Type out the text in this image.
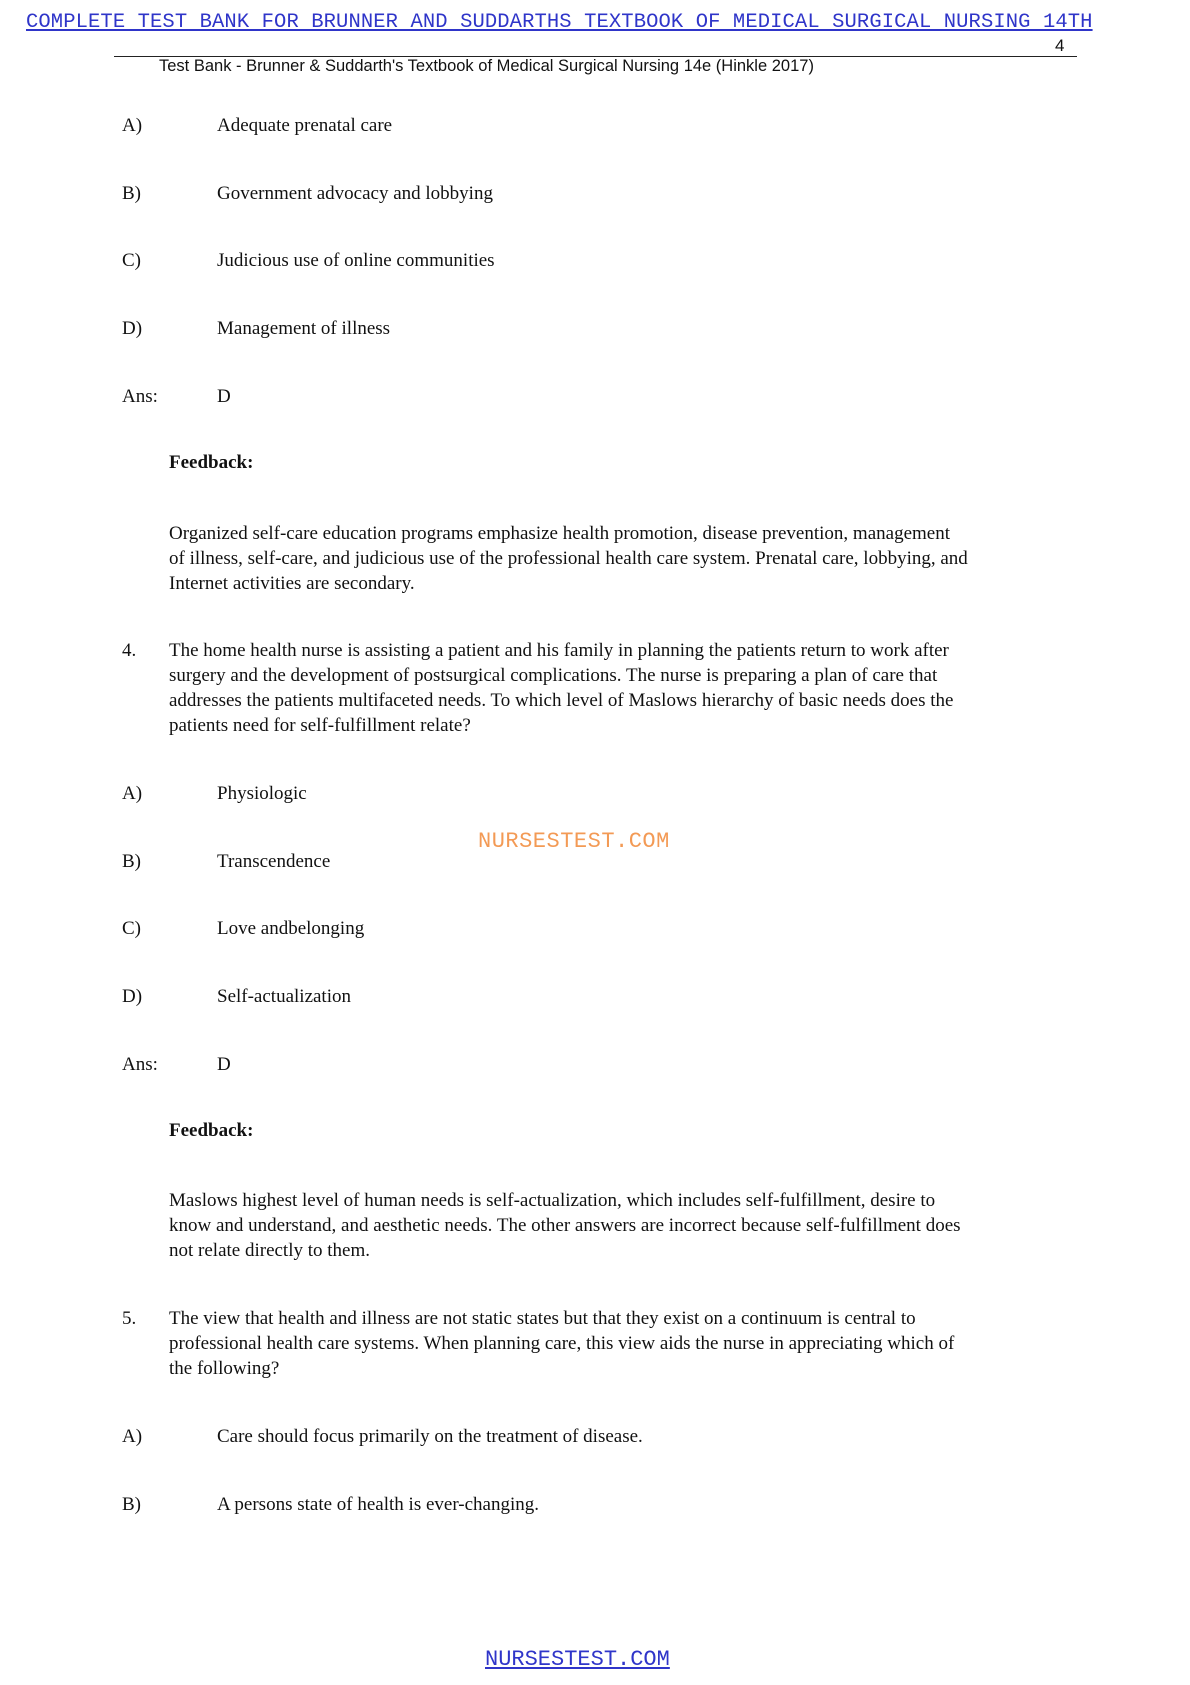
COMPLETE TEST BANK FOR BRUNNER AND SUDDARTHS TEXTBOOK OF MEDICAL SURGICAL NURSING 14TH
4
Test Bank - Brunner & Suddarth's Textbook of Medical Surgical Nursing 14e (Hinkle 2017)
A)	Adequate prenatal care
B)	Government advocacy and lobbying
C)	Judicious use of online communities
D)	Management of illness
Ans:	D
Feedback:
Organized self-care education programs emphasize health promotion, disease prevention, management
of illness, self-care, and judicious use of the professional health care system. Prenatal care, lobbying, and
Internet activities are secondary.
4. The home health nurse is assisting a patient and his family in planning the patients return to work after
surgery and the development of postsurgical complications. The nurse is preparing a plan of care that
addresses the patients multifaceted needs. To which level of Maslows hierarchy of basic needs does the
patients need for self-fulfillment relate?
A)	Physiologic
B)	Transcendence
C)	Love andbelonging
D)	Self-actualization
Ans:	D
Feedback:
Maslows highest level of human needs is self-actualization, which includes self-fulfillment, desire to
know and understand, and aesthetic needs. The other answers are incorrect because self-fulfillment does
not relate directly to them.
5. The view that health and illness are not static states but that they exist on a continuum is central to
professional health care systems. When planning care, this view aids the nurse in appreciating which of
the following?
A)	Care should focus primarily on the treatment of disease.
B)	A persons state of health is ever-changing.
NURSESTEST.COM
NURSESTEST.COM
